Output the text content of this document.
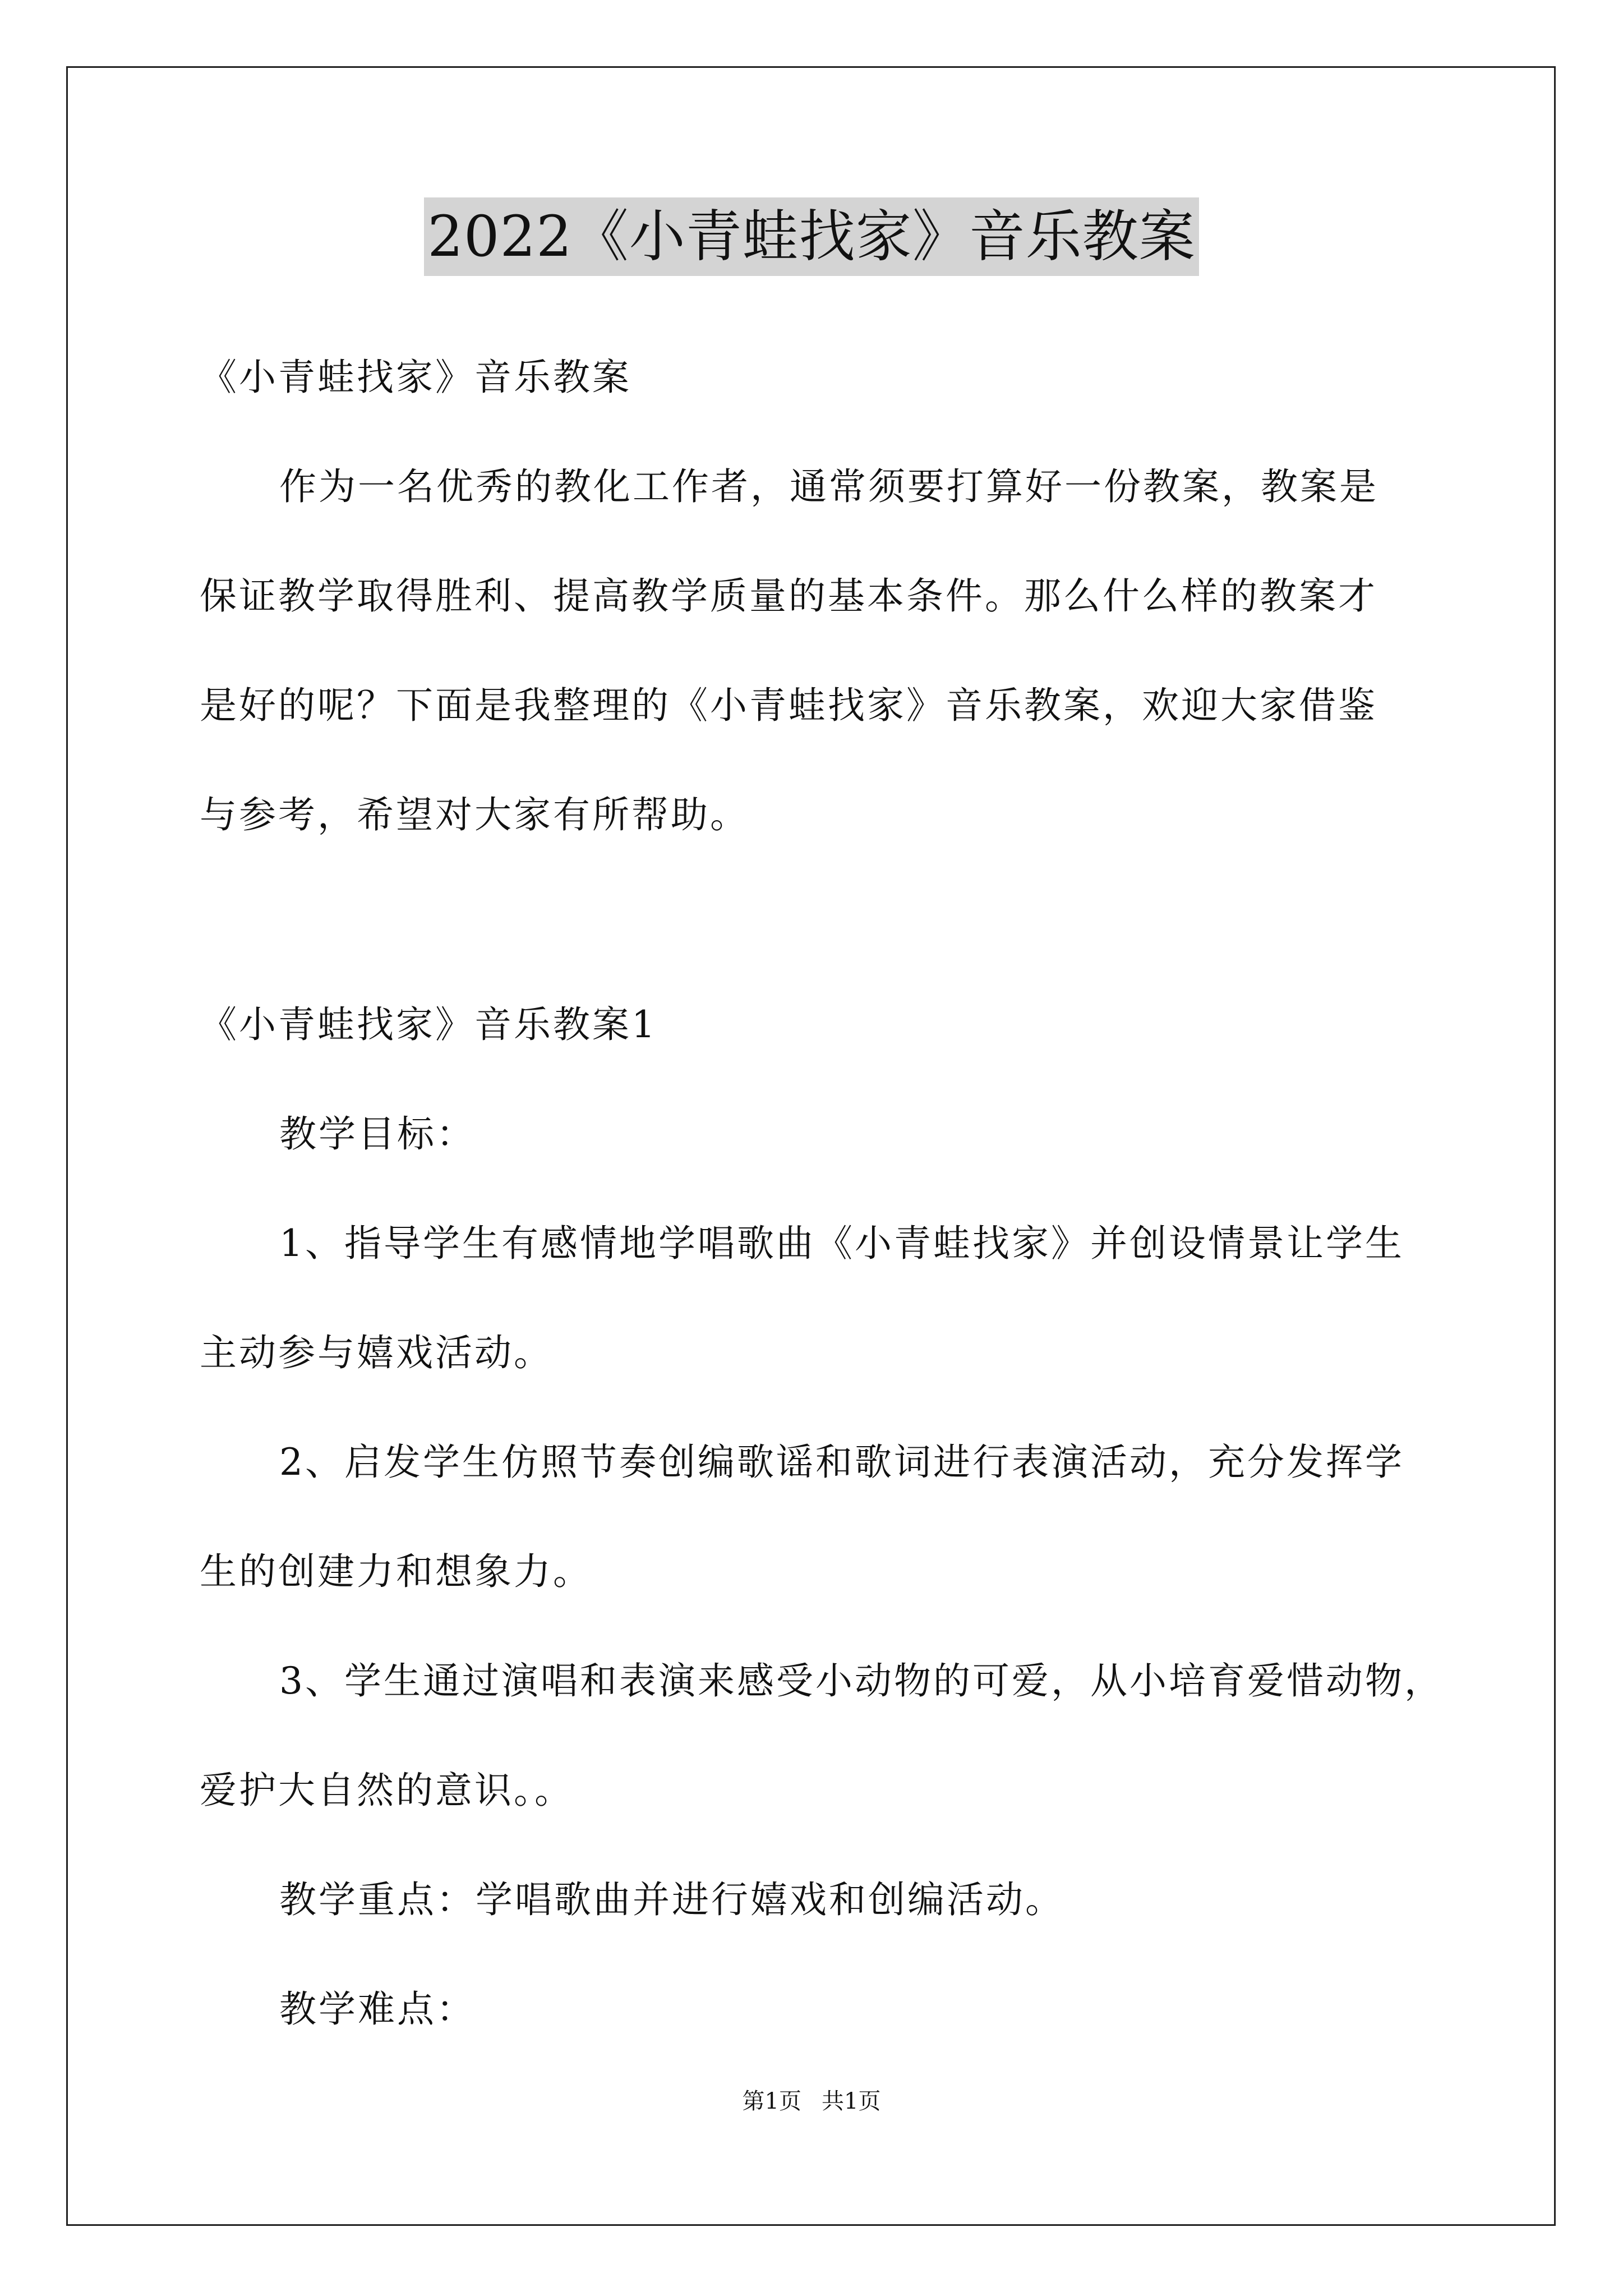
2022《小青蛙找家》音乐教案
《小青蛙找家》音乐教案
作为一名优秀的教化工作者，通常须要打算好一份教案，教案是
保证教学取得胜利、提高教学质量的基本条件。那么什么样的教案才
是好的呢？下面是我整理的《小青蛙找家》音乐教案，欢迎大家借鉴
与参考，希望对大家有所帮助。
《小青蛙找家》音乐教案1
教学目标：
1、指导学生有感情地学唱歌曲《小青蛙找家》并创设情景让学生
主动参与嬉戏活动。
2、启发学生仿照节奏创编歌谣和歌词进行表演活动，充分发挥学
生的创建力和想象力。
3、学生通过演唱和表演来感受小动物的可爱，从小培育爱惜动物，
爱护大自然的意识。。
教学重点：学唱歌曲并进行嬉戏和创编活动。
教学难点：
第1页 共1页
